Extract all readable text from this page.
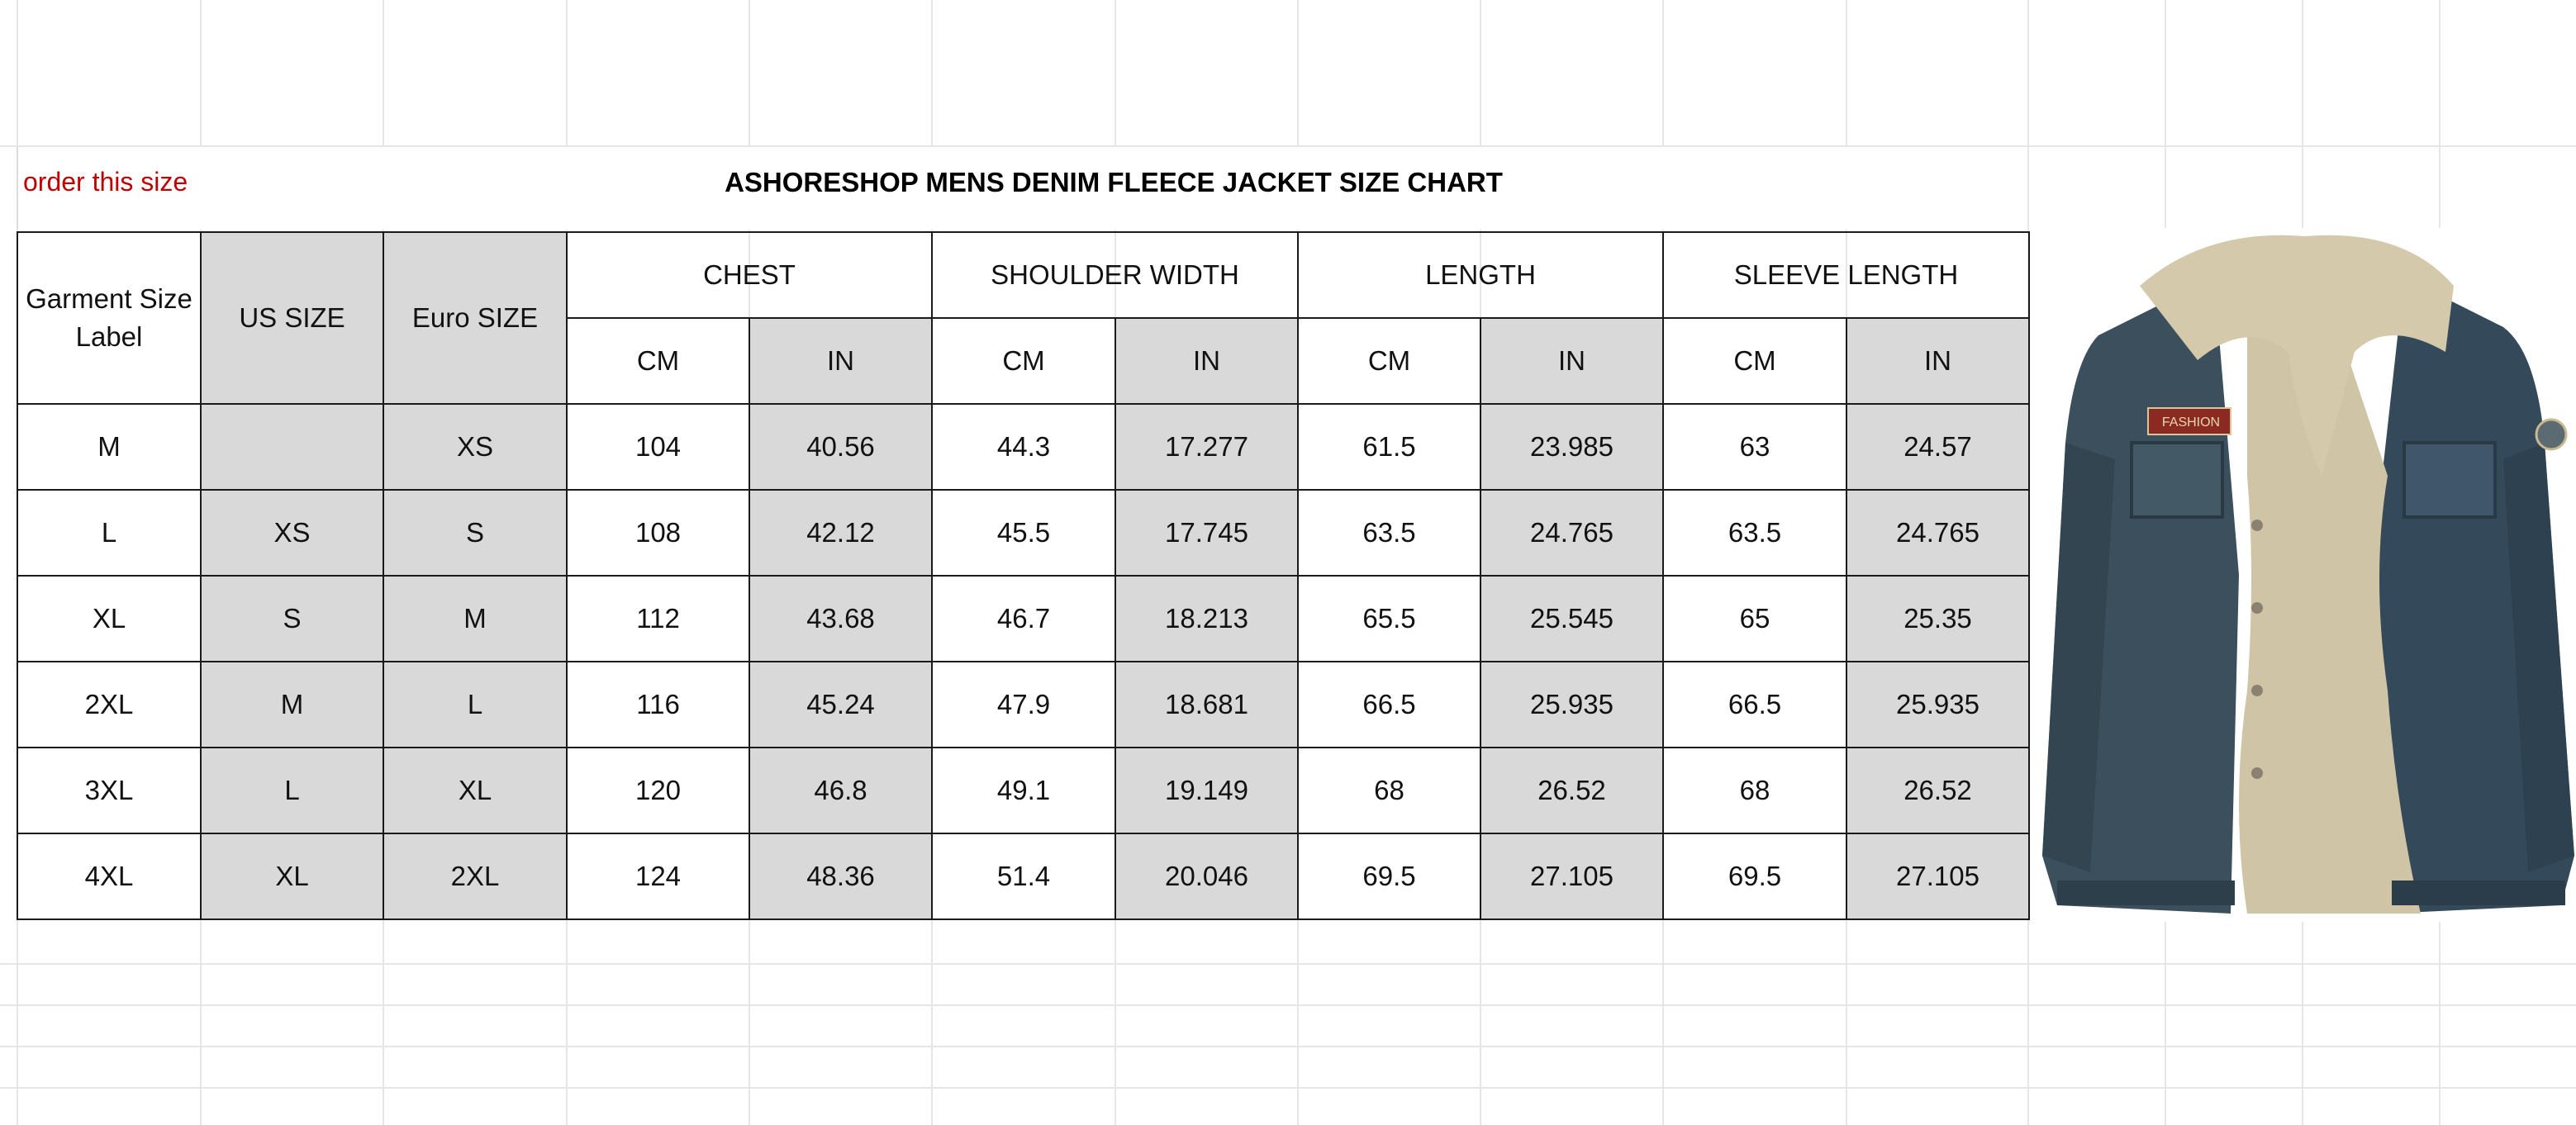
order this size	ASHORESHOP MENS DENIM FLEECE JACKET SIZE CHART
Garment Size Label	US SIZE	Euro SIZE	CHEST		SHOULDER WIDTH		LENGTH		SLEEVE LENGTH	
			CM	IN	CM	IN	CM	IN	CM	IN
M		XS	104	40.56	44.3	17.277	61.5	23.985	63	24.57
L	XS	S	108	42.12	45.5	17.745	63.5	24.765	63.5	24.765
XL	S	M	112	43.68	46.7	18.213	65.5	25.545	65	25.35
2XL	M	L	116	45.24	47.9	18.681	66.5	25.935	66.5	25.935
3XL	L	XL	120	46.8	49.1	19.149	68	26.52	68	26.52
4XL	XL	2XL	124	48.36	51.4	20.046	69.5	27.105	69.5	27.105
FASHION
